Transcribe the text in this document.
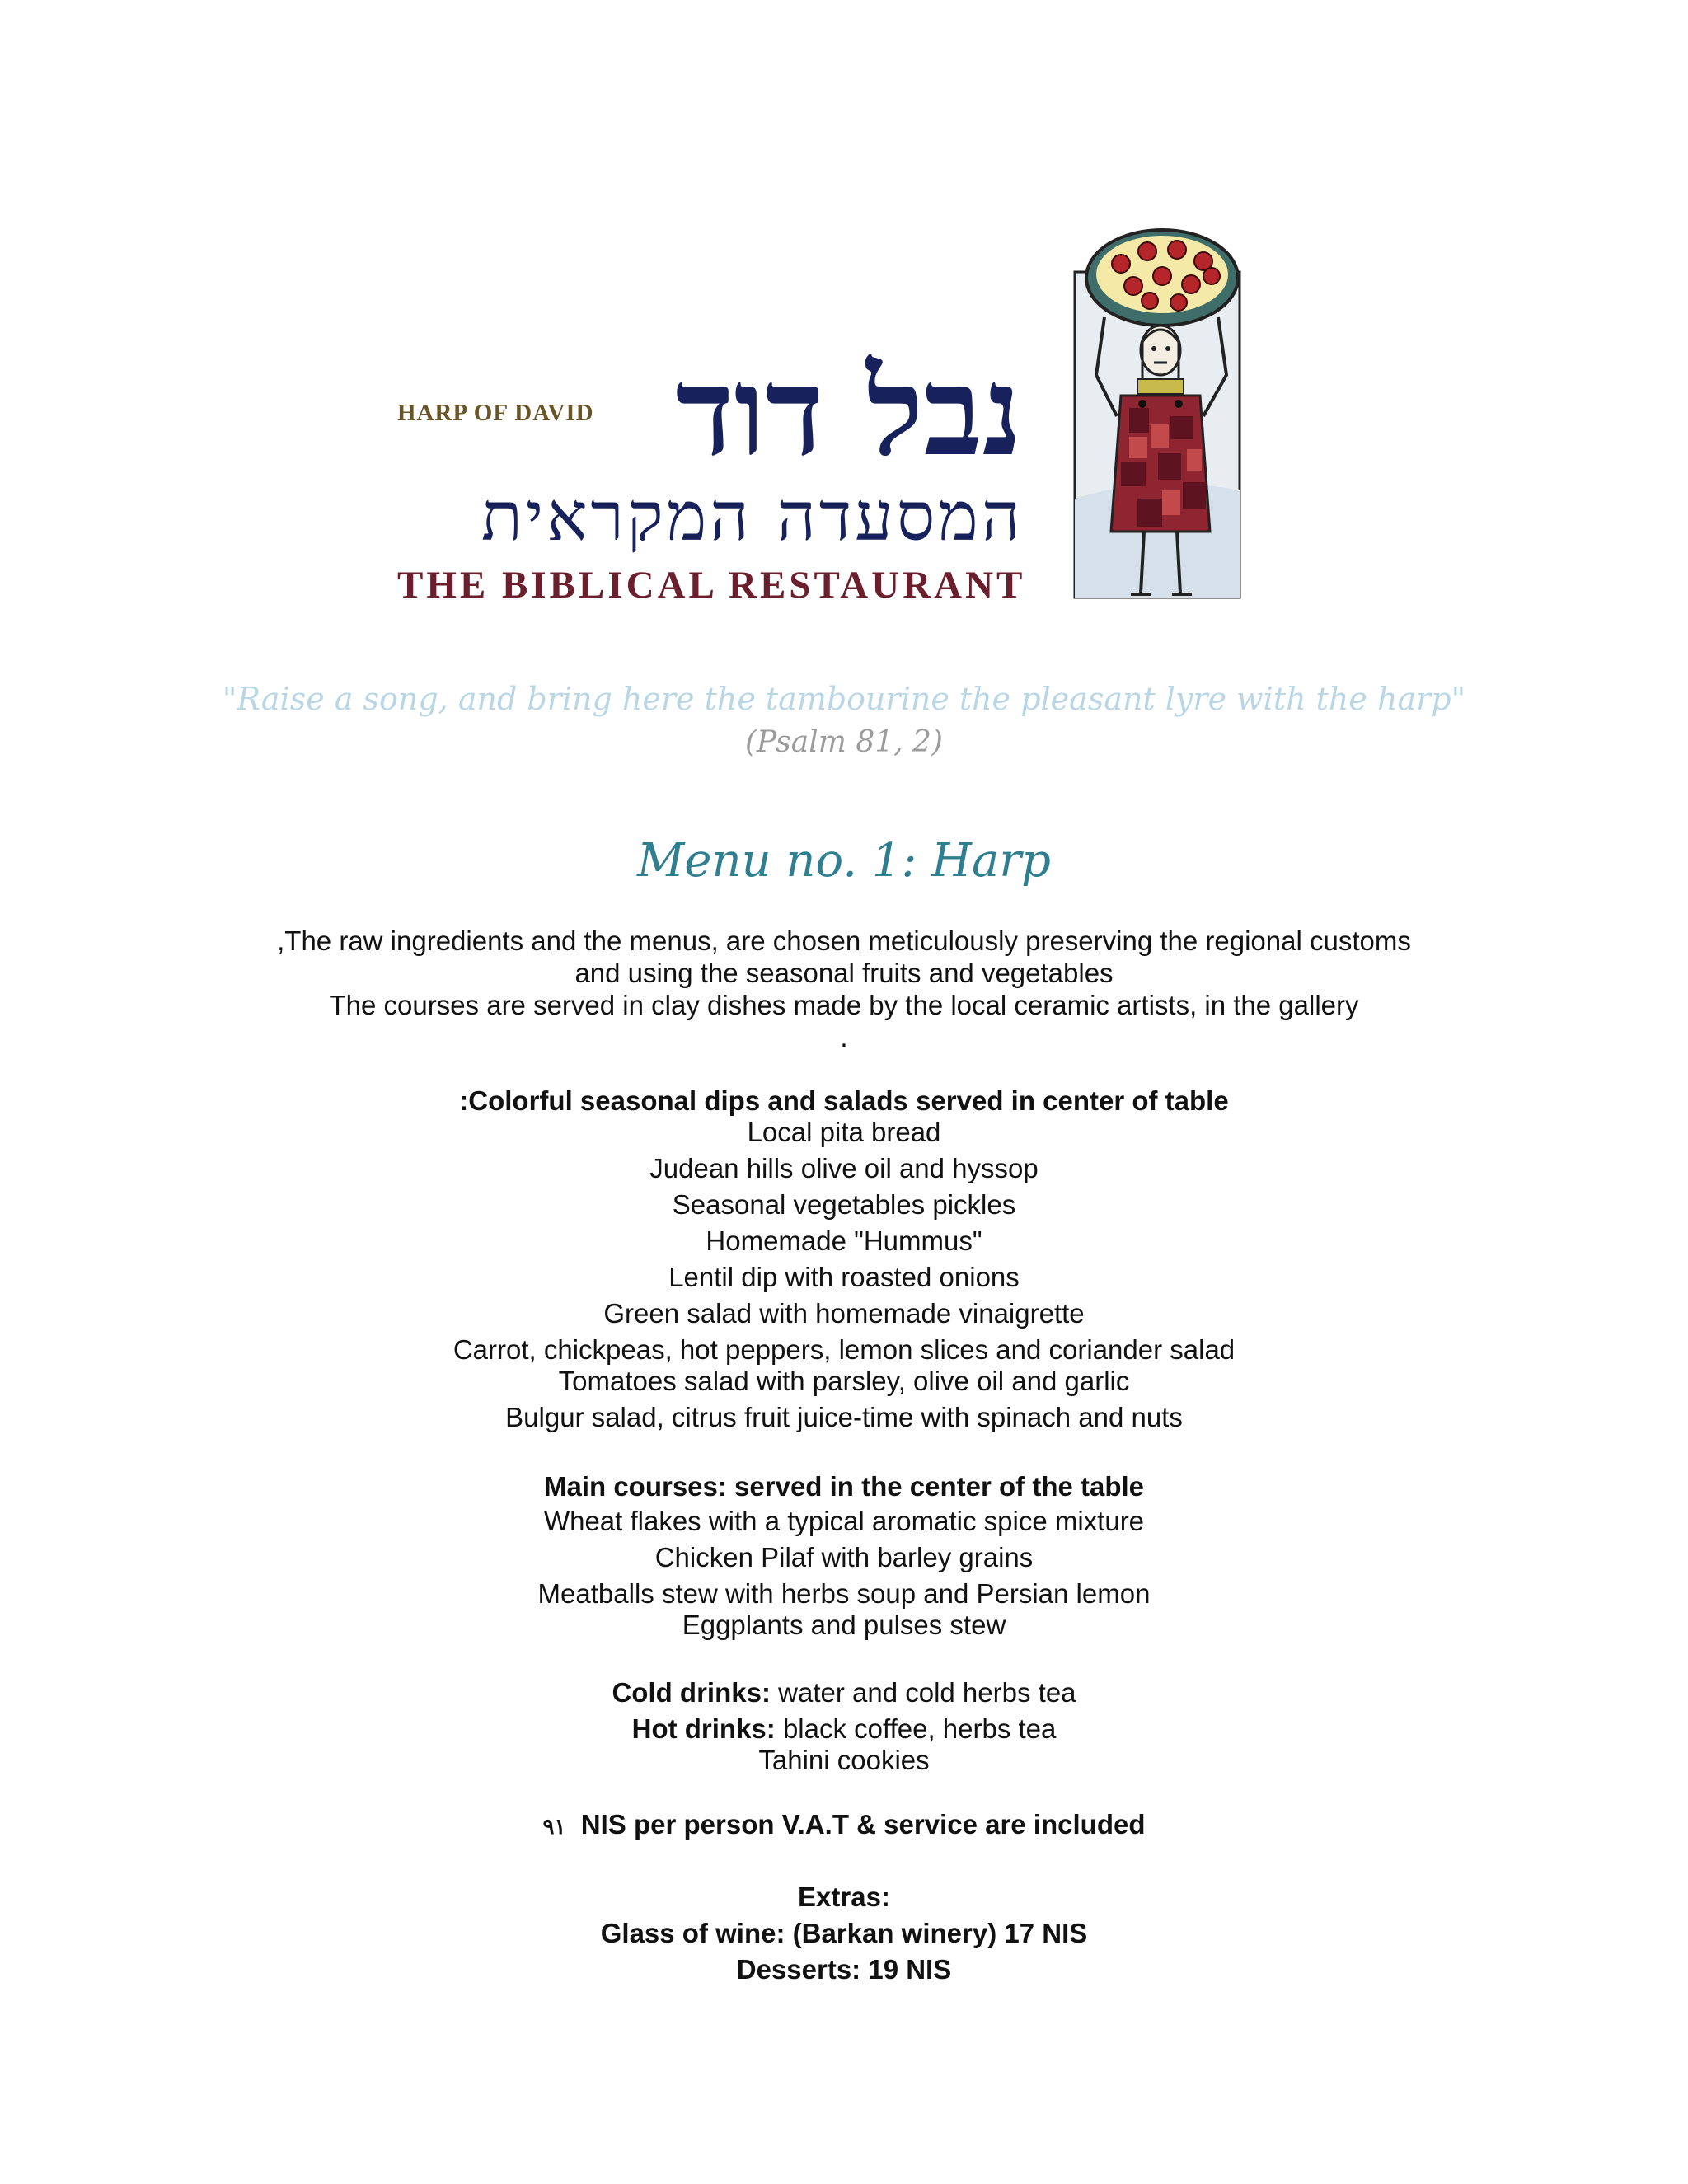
HARP OF DAVID נבל דוד
המסעדה המקראית
THE BIBLICAL RESTAURANT
"Raise a song, and bring here the tambourine the pleasant lyre with the harp"
(Psalm 81, 2)
Menu no. 1: Harp
,The raw ingredients and the menus, are chosen meticulously preserving the regional customs
and using the seasonal fruits and vegetables
The courses are served in clay dishes made by the local ceramic artists, in the gallery
.
:Colorful seasonal dips and salads served in center of table
Local pita bread
Judean hills olive oil and hyssop
Seasonal vegetables pickles
Homemade "Hummus"
Lentil dip with roasted onions
Green salad with homemade vinaigrette
Carrot, chickpeas, hot peppers, lemon slices and coriander salad
Tomatoes salad with parsley, olive oil and garlic
Bulgur salad, citrus fruit juice-time with spinach and nuts
Main courses: served in the center of the table
Wheat flakes with a typical aromatic spice mixture
Chicken Pilaf with barley grains
Meatballs stew with herbs soup and Persian lemon
Eggplants and pulses stew
Cold drinks: water and cold herbs tea
Hot drinks: black coffee, herbs tea
Tahini cookies
٩١ NIS per person V.A.T & service are included
Extras:
Glass of wine: (Barkan winery) 17 NIS
Desserts: 19 NIS
